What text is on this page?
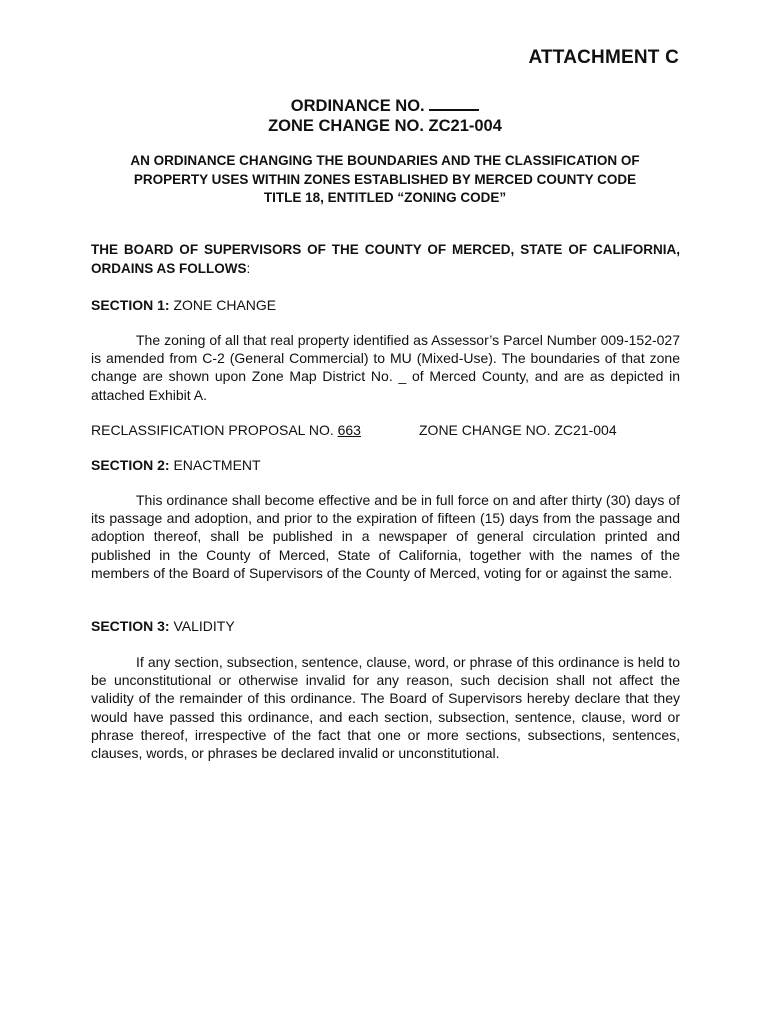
ATTACHMENT C
ORDINANCE NO.
ZONE CHANGE NO. ZC21-004
AN ORDINANCE CHANGING THE BOUNDARIES AND THE CLASSIFICATION OF
PROPERTY USES WITHIN ZONES ESTABLISHED BY MERCED COUNTY CODE
TITLE 18, ENTITLED “ZONING CODE”
THE BOARD OF SUPERVISORS OF THE COUNTY OF MERCED, STATE OF CALIFORNIA, ORDAINS AS FOLLOWS:
SECTION 1: ZONE CHANGE
The zoning of all that real property identified as Assessor’s Parcel Number 009-152-027 is amended from C-2 (General Commercial) to MU (Mixed-Use). The boundaries of that zone change are shown upon Zone Map District No. _ of Merced County, and are as depicted in attached Exhibit A.
RECLASSIFICATION PROPOSAL NO. 663	ZONE CHANGE NO. ZC21-004
SECTION 2: ENACTMENT
This ordinance shall become effective and be in full force on and after thirty (30) days of its passage and adoption, and prior to the expiration of fifteen (15) days from the passage and adoption thereof, shall be published in a newspaper of general circulation printed and published in the County of Merced, State of California, together with the names of the members of the Board of Supervisors of the County of Merced, voting for or against the same.
SECTION 3: VALIDITY
If any section, subsection, sentence, clause, word, or phrase of this ordinance is held to be unconstitutional or otherwise invalid for any reason, such decision shall not affect the validity of the remainder of this ordinance. The Board of Supervisors hereby declare that they would have passed this ordinance, and each section, subsection, sentence, clause, word or phrase thereof, irrespective of the fact that one or more sections, subsections, sentences, clauses, words, or phrases be declared invalid or unconstitutional.
